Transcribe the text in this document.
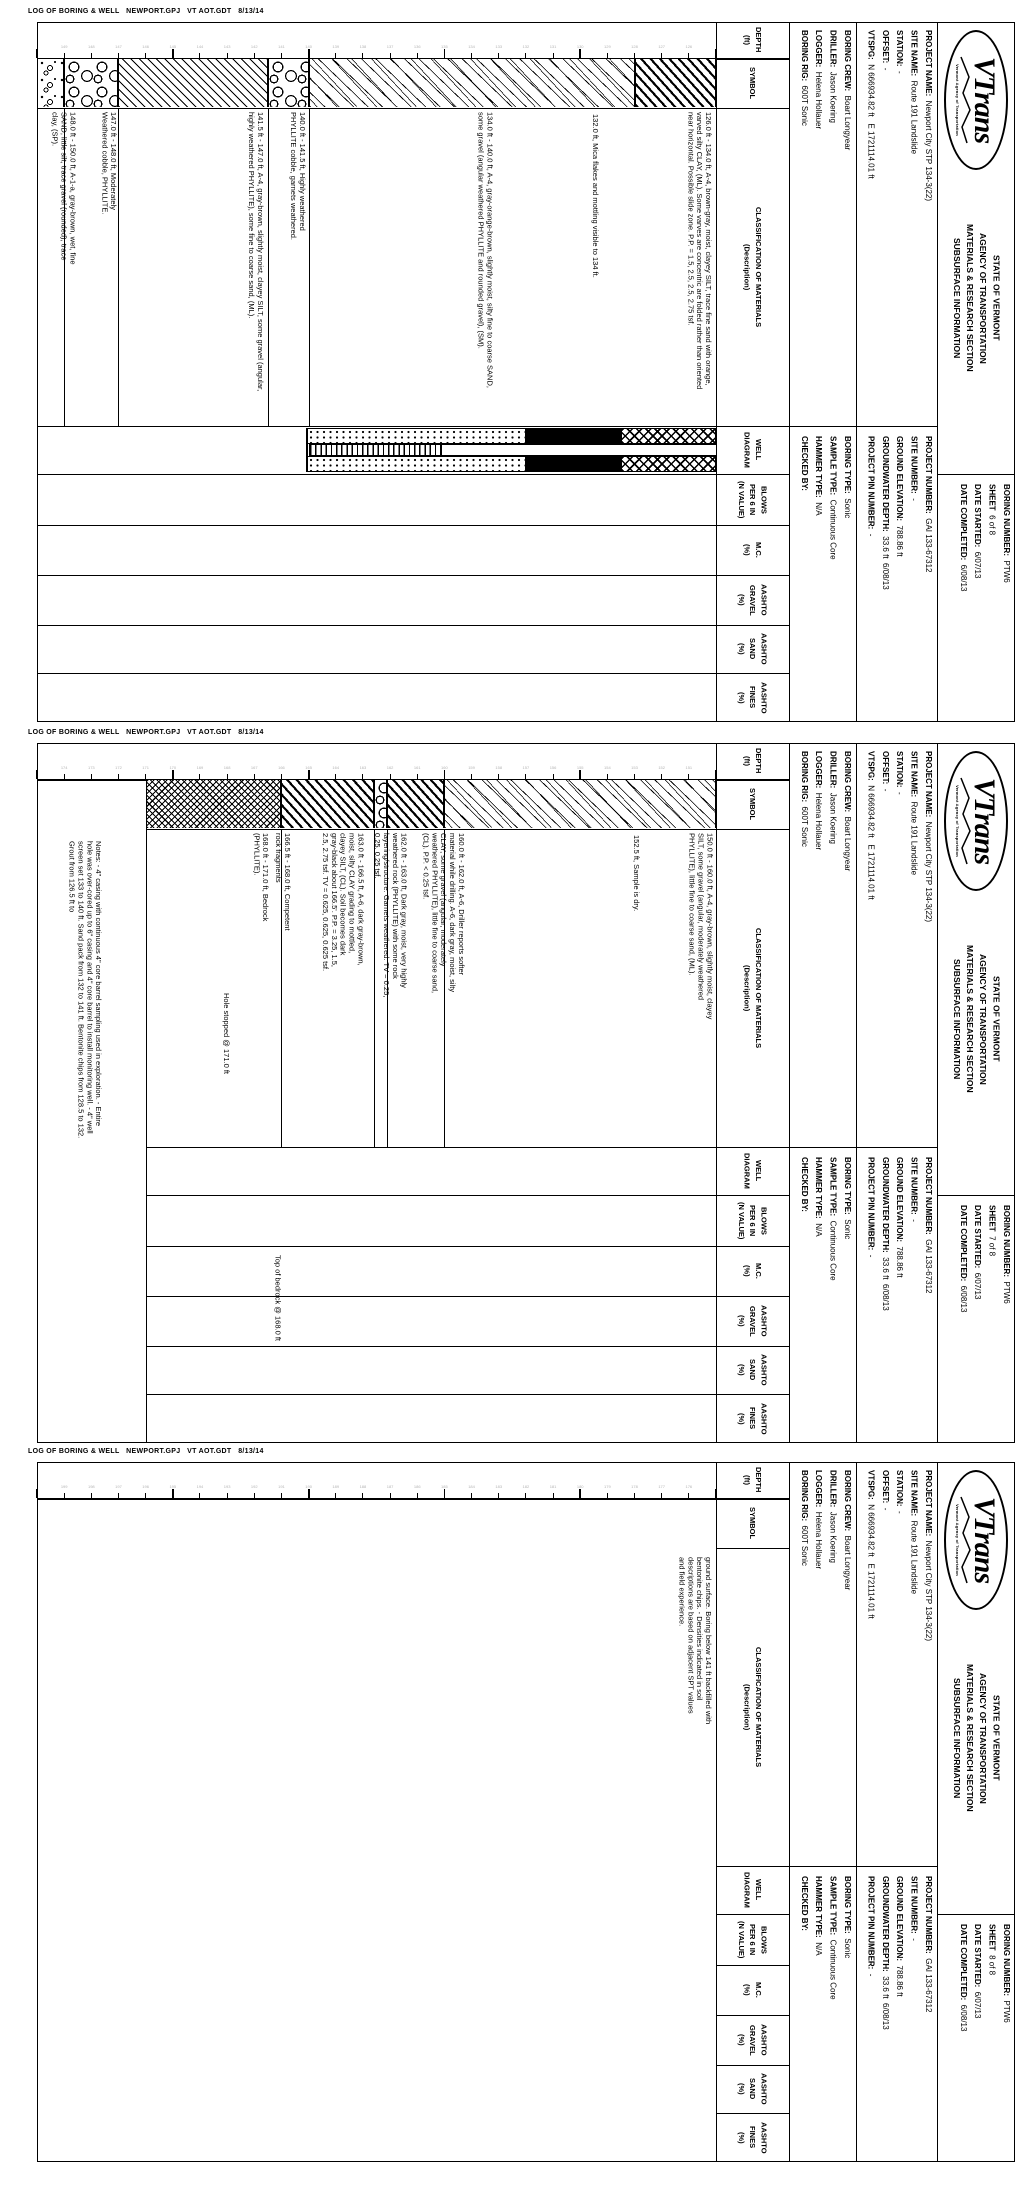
LOG OF BORING & WELL   NEWPORT.GPJ   VT AOT.GDT   8/13/14
126
127
128
129
130
131
132
133
134
135
136
137
138
139
140
141
142
143
144
145
146
147
148
149
126.0 ft - 134.0 ft, A-4, brown-gray, moist, clayey SILT, trace fine sand with orange, varved silty CLAY, (ML). Some varves are concentric are folded rather than oriented near horizontal. Possible slide zone. P.P. = 1.5, 2.5, 2.5, 2.75 tsf.
132.0 ft, Mica flakes and mottling visible to 134 ft.
134.0 ft - 140.0 ft, A-4, gray-orange-brown, slightly moist, silty fine to coarse SAND, some gravel (angular weathered PHYLLITE and rounded gravel), (SM).
140.0 ft - 141.5 ft, Highly weathered PHYLLITE cobble, garnets weathered.
141.5 ft - 147.0 ft, A-4, gray-brown, slightly moist, clayey SILT, some gravel (angular, highly weathered PHYLLITE), some fine to coarse sand, (ML).
147.0 ft - 148.0 ft, Moderately Weathered cobble, PHYLLITE.
148.0 ft - 150.0 ft, A-1-a, gray-brown, wet, fine SAND, little silt, trace gravel (rounded), trace clay, (SP).
DEPTH
(ft)
SYMBOL
CLASSIFICATION OF MATERIALS
(Description)
WELL
DIAGRAM
BLOWS
PER 6 IN
(N VALUE)
M.C.
(%)
AASHTO
GRAVEL
(%)
AASHTO
SAND
(%)
AASHTO
FINES
(%)
BORING CREW:  Boart Longyear
DRILLER:  Jason Koering
LOGGER:  Helena Hollauer
BORING RIG:  600T Sonic
BORING TYPE:  Sonic
SAMPLE TYPE:  Continuous Core
HAMMER TYPE:  N/A
CHECKED BY:
PROJECT NAME:  Newport City STP 134-3(22)
SITE NAME:  Route 191 Landslide
STATION:  -
OFFSET:  -
VTSPG:  N 666934.82 ft   E 1721114.01 ft
PROJECT NUMBER:  GAI 133-67312
SITE NUMBER:  -
GROUND ELEVATION:  788.86 ft
GROUNDWATER DEPTH:  33.6 ft  6/08/13
PROJECT PIN NUMBER:  -	BORING NUMBER:  PTW6
SHEET  6 of 8
DATE STARTED:  6/07/13
DATE COMPLETED:  6/08/13
VTrans
Vermont Agency of Transportation
STATE OF VERMONT
AGENCY OF TRANSPORTATION
MATERIALS & RESEARCH SECTION
SUBSURFACE INFORMATION
LOG OF BORING & WELL   NEWPORT.GPJ   VT AOT.GDT   8/13/14
151
152
153
154
155
156
157
158
159
160
161
162
163
164
165
166
167
168
169
170
171
172
173
174
150.0 ft - 160.0 ft, A-4, gray-brown, slightly moist, clayey SILT, some gravel (angular, moderately weathered PHYLLITE), little fine to coarse sand, (ML).
152.5 ft, Sample is dry.
160.0 ft - 162.0 ft, A-6, Driller reports softer material while drilling. A-6, dark gray, moist, silty CLAY, some gravel (angular, moderately weathered PHYLLITE), little fine to coarse sand, (CL). P.P. < 0.25 tsf.
162.0 ft - 163.0 ft, Dark gray, moist, very highly weathered rock (PHYLLITE) with some rock layering/structure. Garnets weathered. TV = 0.25, 0.25, 0.25 tsf.
163.0 ft - 166.5 ft, A-6, dark gray-brown, moist, silty CLAY grading to mottled, clayey SILT, (CL). Soil becomes dark gray-black about 166.5'. P.P. = 3.25, 1.5, 2.5, 2.75 tsf. TV = 0.625, 0.625, 0.625 tsf.
166.5 ft - 168.0 ft, Competent rock fragments
168.0 ft - 171.0 ft, Bedrock (PHYLLITE).
Notes: - 4" casing with continuous 4" core barrel sampling used in exploration. - Entire hole was over-cored up to 6" casing and 4" core barrel to install monitoring well. - 4" well screen set 133 to 140 ft. Sand pack from 132 to 141 ft. Bentonite chips from 128.5 to 132. Grout from 126.5 ft to
Hole stopped @ 171.0 ft
Top of bedrock @ 168.0 ft
DEPTH
(ft)
SYMBOL
CLASSIFICATION OF MATERIALS
(Description)
WELL
DIAGRAM
BLOWS
PER 6 IN
(N VALUE)
M.C.
(%)
AASHTO
GRAVEL
(%)
AASHTO
SAND
(%)
AASHTO
FINES
(%)
BORING CREW:  Boart Longyear
DRILLER:  Jason Koering
LOGGER:  Helena Hollauer
BORING RIG:  600T Sonic
BORING TYPE:  Sonic
SAMPLE TYPE:  Continuous Core
HAMMER TYPE:  N/A
CHECKED BY:
PROJECT NAME:  Newport City STP 134-3(22)
SITE NAME:  Route 191 Landslide
STATION:  -
OFFSET:  -
VTSPG:  N 666934.82 ft   E 1721114.01 ft
PROJECT NUMBER:  GAI 133-67312
SITE NUMBER:  -
GROUND ELEVATION:  788.86 ft
GROUNDWATER DEPTH:  33.6 ft  6/08/13
PROJECT PIN NUMBER:  -	BORING NUMBER:  PTW6
SHEET  7 of 8
DATE STARTED:  6/07/13
DATE COMPLETED:  6/08/13
VTrans
Vermont Agency of Transportation
STATE OF VERMONT
AGENCY OF TRANSPORTATION
MATERIALS & RESEARCH SECTION
SUBSURFACE INFORMATION
LOG OF BORING & WELL   NEWPORT.GPJ   VT AOT.GDT   8/13/14
176
177
178
179
180
181
182
183
184
185
186
187
188
189
190
191
192
193
194
195
196
197
198
199
ground surface. Boring below 141 ft backfilled with bentonite chips. - Densities indicated in soil descriptions are based on adjacent SPT values and field experience.
DEPTH
(ft)
SYMBOL
CLASSIFICATION OF MATERIALS
(Description)
WELL
DIAGRAM
BLOWS
PER 6 IN
(N VALUE)
M.C.
(%)
AASHTO
GRAVEL
(%)
AASHTO
SAND
(%)
AASHTO
FINES
(%)
BORING CREW:  Boart Longyear
DRILLER:  Jason Koering
LOGGER:  Helena Hollauer
BORING RIG:  600T Sonic
BORING TYPE:  Sonic
SAMPLE TYPE:  Continuous Core
HAMMER TYPE:  N/A
CHECKED BY:
PROJECT NAME:  Newport City STP 134-3(22)
SITE NAME:  Route 191 Landslide
STATION:  -
OFFSET:  -
VTSPG:  N 666934.82 ft   E 1721114.01 ft
PROJECT NUMBER:  GAI 133-67312
SITE NUMBER:  -
GROUND ELEVATION:  788.86 ft
GROUNDWATER DEPTH:  33.6 ft  6/08/13
PROJECT PIN NUMBER:  -	BORING NUMBER:  PTW6
SHEET  8 of 8
DATE STARTED:  6/07/13
DATE COMPLETED:  6/08/13
VTrans
Vermont Agency of Transportation
STATE OF VERMONT
AGENCY OF TRANSPORTATION
MATERIALS & RESEARCH SECTION
SUBSURFACE INFORMATION
